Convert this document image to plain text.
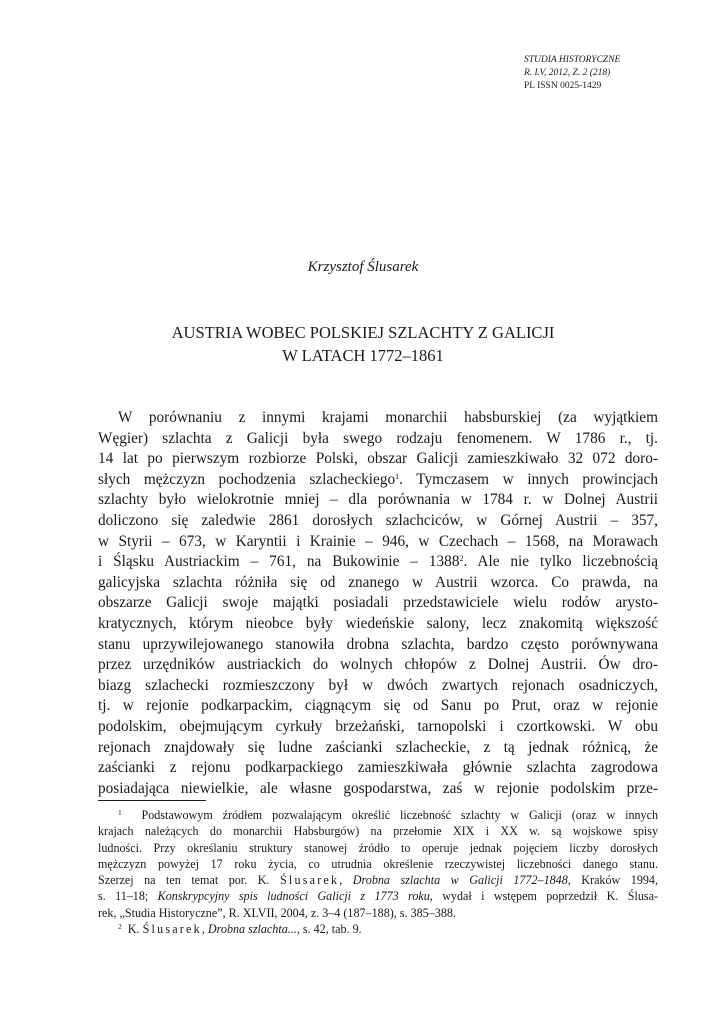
STUDIA HISTORYCZNE
R. LV, 2012, Z. 2 (218)
PL ISSN 0025-1429
Krzysztof Ślusarek
AUSTRIA WOBEC POLSKIEJ SZLACHTY Z GALICJI
W LATACH 1772–1861
W porównaniu z innymi krajami monarchii habsburskiej (za wyjątkiem
Węgier) szlachta z Galicji była swego rodzaju fenomenem. W 1786 r., tj.
14 lat po pierwszym rozbiorze Polski, obszar Galicji zamieszkiwało 32 072 doro-
słych mężczyzn pochodzenia szlacheckiego$^1$. Tymczasem w innych prowincjach
szlachty było wielokrotnie mniej – dla porównania w 1784 r. w Dolnej Austrii
doliczono się zaledwie 2861 dorosłych szlachciców, w Górnej Austrii – 357,
w Styrii – 673, w Karyntii i Krainie – 946, w Czechach – 1568, na Morawach
i Śląsku Austriackim – 761, na Bukowinie – 1388$^2$. Ale nie tylko liczebnością
galicyjska szlachta różniła się od znanego w Austrii wzorca. Co prawda, na
obszarze Galicji swoje majątki posiadali przedstawiciele wielu rodów arysto-
kratycznych, którym nieobce były wiedeńskie salony, lecz znakomitą większość
stanu uprzywilejowanego stanowiła drobna szlachta, bardzo często porównywana
przez urzędników austriackich do wolnych chłopów z Dolnej Austrii. Ów dro-
biazg szlachecki rozmieszczony był w dwóch zwartych rejonach osadniczych,
tj. w rejonie podkarpackim, ciągnącym się od Sanu po Prut, oraz w rejonie
podolskim, obejmującym cyrkuły brzeżański, tarnopolski i czortkowski. W obu
rejonach znajdowały się ludne zaścianki szlacheckie, z tą jednak różnicą, że
zaścianki z rejonu podkarpackiego zamieszkiwała głównie szlachta zagrodowa
posiadająca niewielkie, ale własne gospodarstwa, zaś w rejonie podolskim prze-
$^1$ Podstawowym źródłem pozwalającym określić liczebność szlachty w Galicji (oraz w innych
krajach należących do monarchii Habsburgów) na przełomie XIX i XX w. są wojskowe spisy
ludności. Przy określaniu struktury stanowej źródło to operuje jednak pojęciem liczby dorosłych
mężczyzn powyżej 17 roku życia, co utrudnia określenie rzeczywistej liczebności danego stanu.
Szerzej na ten temat por. K. Ślusarek, Drobna szlachta w Galicji 1772–1848, Kraków 1994,
s. 11–18; Konskrypcyjny spis ludności Galicji z 1773 roku, wydał i wstępem poprzedził K. Ślusa-
rek, „Studia Historyczne”, R. XLVII, 2004, z. 3–4 (187–188), s. 385–388.
$^2$ K. Ślusarek, Drobna szlachta..., s. 42, tab. 9.
